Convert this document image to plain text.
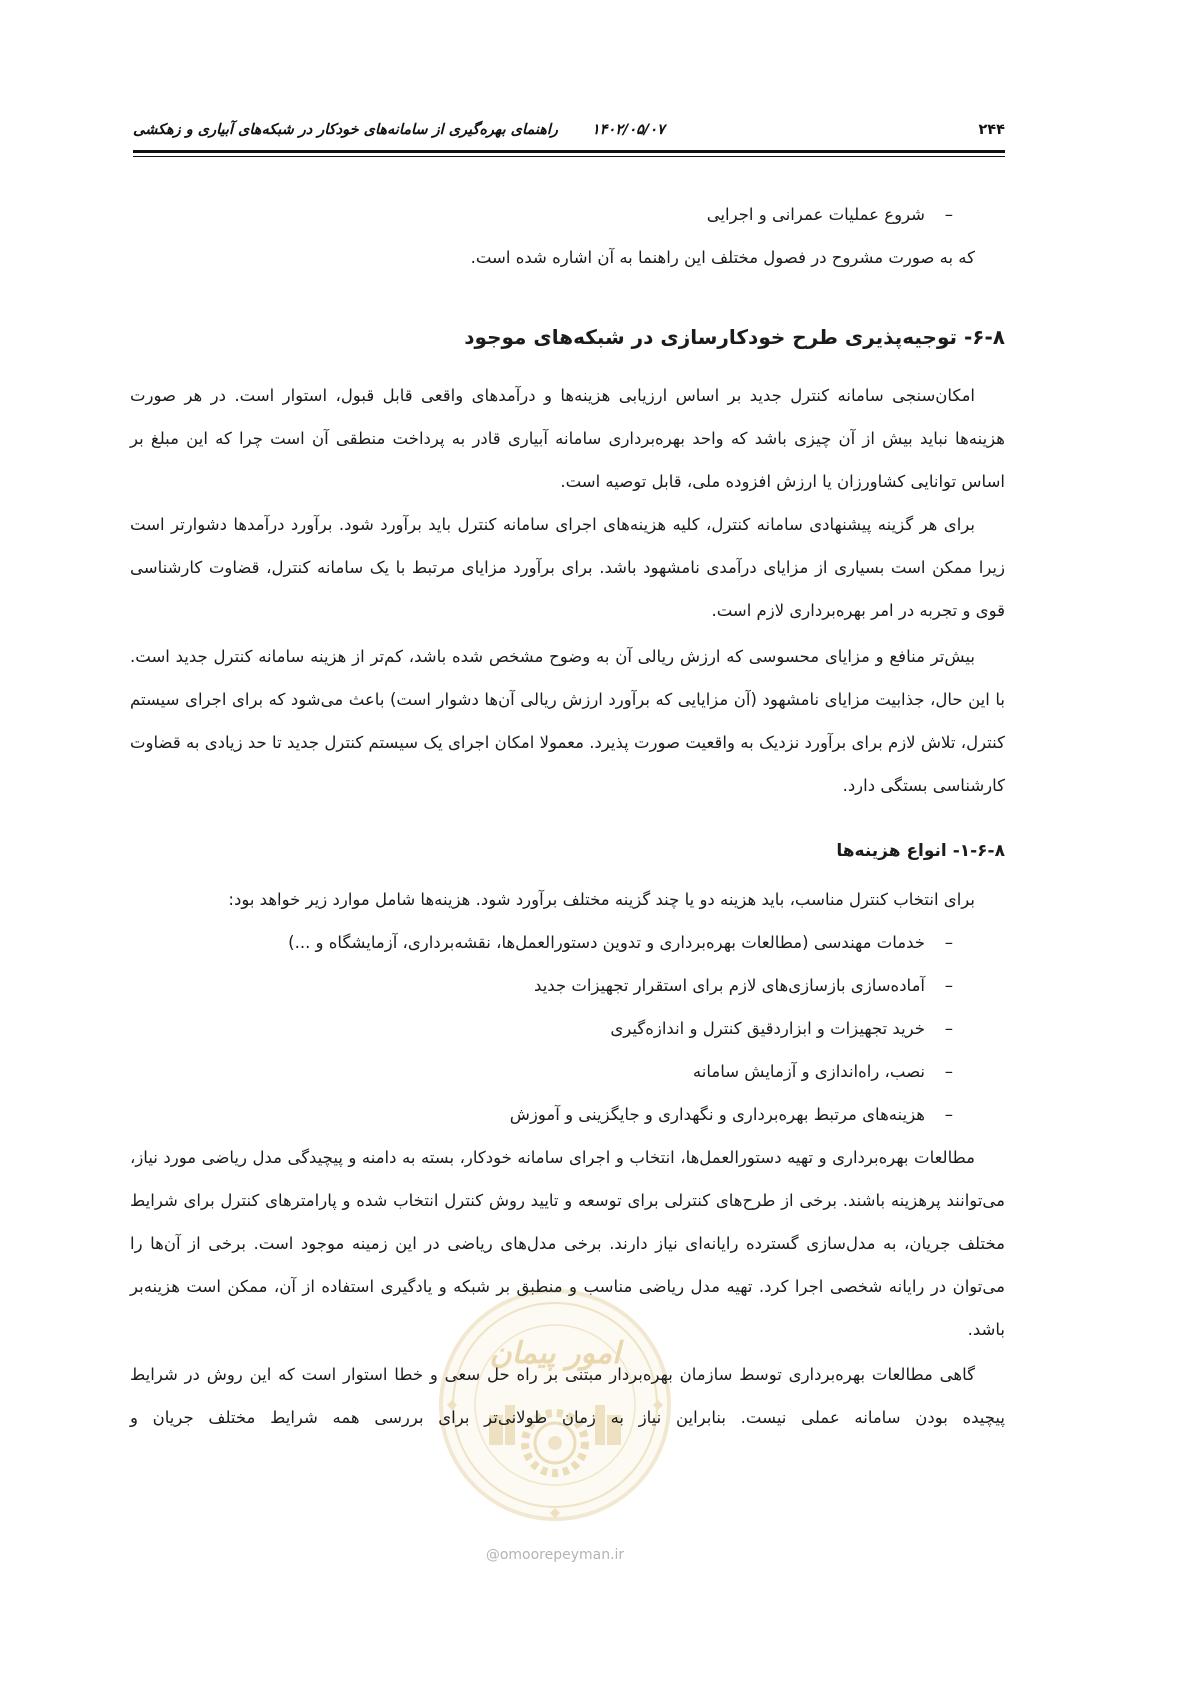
۲۴۴
۱۴۰۲/۰۵/۰۷
راهنمای بهره‌گیری از سامانه‌های خودکار در شبکه‌های آبیاری و زهکشی
امور پیمان
@omoorepeyman.ir

–
شروع عملیات عمرانی و اجرایی

که به صورت مشروح در فصول مختلف این راهنما به آن اشاره شده است.

۶-۸- توجیه‌پذیری طرح خودکارسازی در شبکه‌های موجود

امکان‌سنجی سامانه کنترل جدید بر اساس ارزیابی هزینه‌ها و درآمدهای واقعی قابل قبول، استوار است. در هر صورت هزینه‌ها نباید بیش از آن چیزی باشد که واحد بهره‌برداری سامانه آبیاری قادر به پرداخت منطقی آن است چرا که این مبلغ بر اساس توانایی کشاورزان یا ارزش افزوده ملی، قابل توصیه است.

برای هر گزینه پیشنهادی سامانه کنترل، کلیه هزینه‌های اجرای سامانه کنترل باید برآورد شود. برآورد درآمدها دشوارتر است زیرا ممکن است بسیاری از مزایای درآمدی نامشهود باشد. برای برآورد مزایای مرتبط با یک سامانه کنترل، قضاوت کارشناسی قوی و تجربه در امر بهره‌برداری لازم است.

بیش‌تر منافع و مزایای محسوسی که ارزش ریالی آن به وضوح مشخص شده باشد، کم‌تر از هزینه سامانه کنترل جدید است. با این حال، جذابیت مزایای نامشهود (آن مزایایی که برآورد ارزش ریالی آن‌ها دشوار است) باعث می‌شود که برای اجرای سیستم کنترل، تلاش لازم برای برآورد نزدیک به واقعیت صورت پذیرد. معمولا امکان اجرای یک سیستم کنترل جدید تا حد زیادی به قضاوت کارشناسی بستگی دارد.

۱-۶-۸- انواع هزینه‌ها

برای انتخاب کنترل مناسب، باید هزینه دو یا چند گزینه مختلف برآورد شود. هزینه‌ها شامل موارد زیر خواهد بود:

–
خدمات مهندسی (مطالعات بهره‌برداری و تدوین دستورالعمل‌ها، نقشه‌برداری، آزمایشگاه و ...)

–
آماده‌سازی بازسازی‌های لازم برای استقرار تجهیزات جدید

–
خرید تجهیزات و ابزاردقیق کنترل و اندازه‌گیری

–
نصب، راه‌اندازی و آزمایش سامانه

–
هزینه‌های مرتبط بهره‌برداری و نگهداری و جایگزینی و آموزش

مطالعات بهره‌برداری و تهیه دستورالعمل‌ها، انتخاب و اجرای سامانه خودکار، بسته به دامنه و پیچیدگی مدل ریاضی مورد نیاز، می‌توانند پرهزینه باشند. برخی از طرح‌های کنترلی برای توسعه و تایید روش کنترل انتخاب شده و پارامترهای کنترل برای شرایط مختلف جریان، به مدل‌سازی گسترده رایانه‌ای نیاز دارند. برخی مدل‌های ریاضی در این زمینه موجود است. برخی از آن‌ها را می‌توان در رایانه شخصی اجرا کرد. تهیه مدل ریاضی مناسب و منطبق بر شبکه و یادگیری استفاده از آن، ممکن است هزینه‌بر باشد.

گاهی مطالعات بهره‌برداری توسط سازمان بهره‌بردار مبتنی بر راه حل سعی و خطا استوار است که این روش در شرایط پیچیده بودن سامانه عملی نیست. بنابراین نیاز به زمان طولانی‌تر برای بررسی همه شرایط مختلف جریان و
